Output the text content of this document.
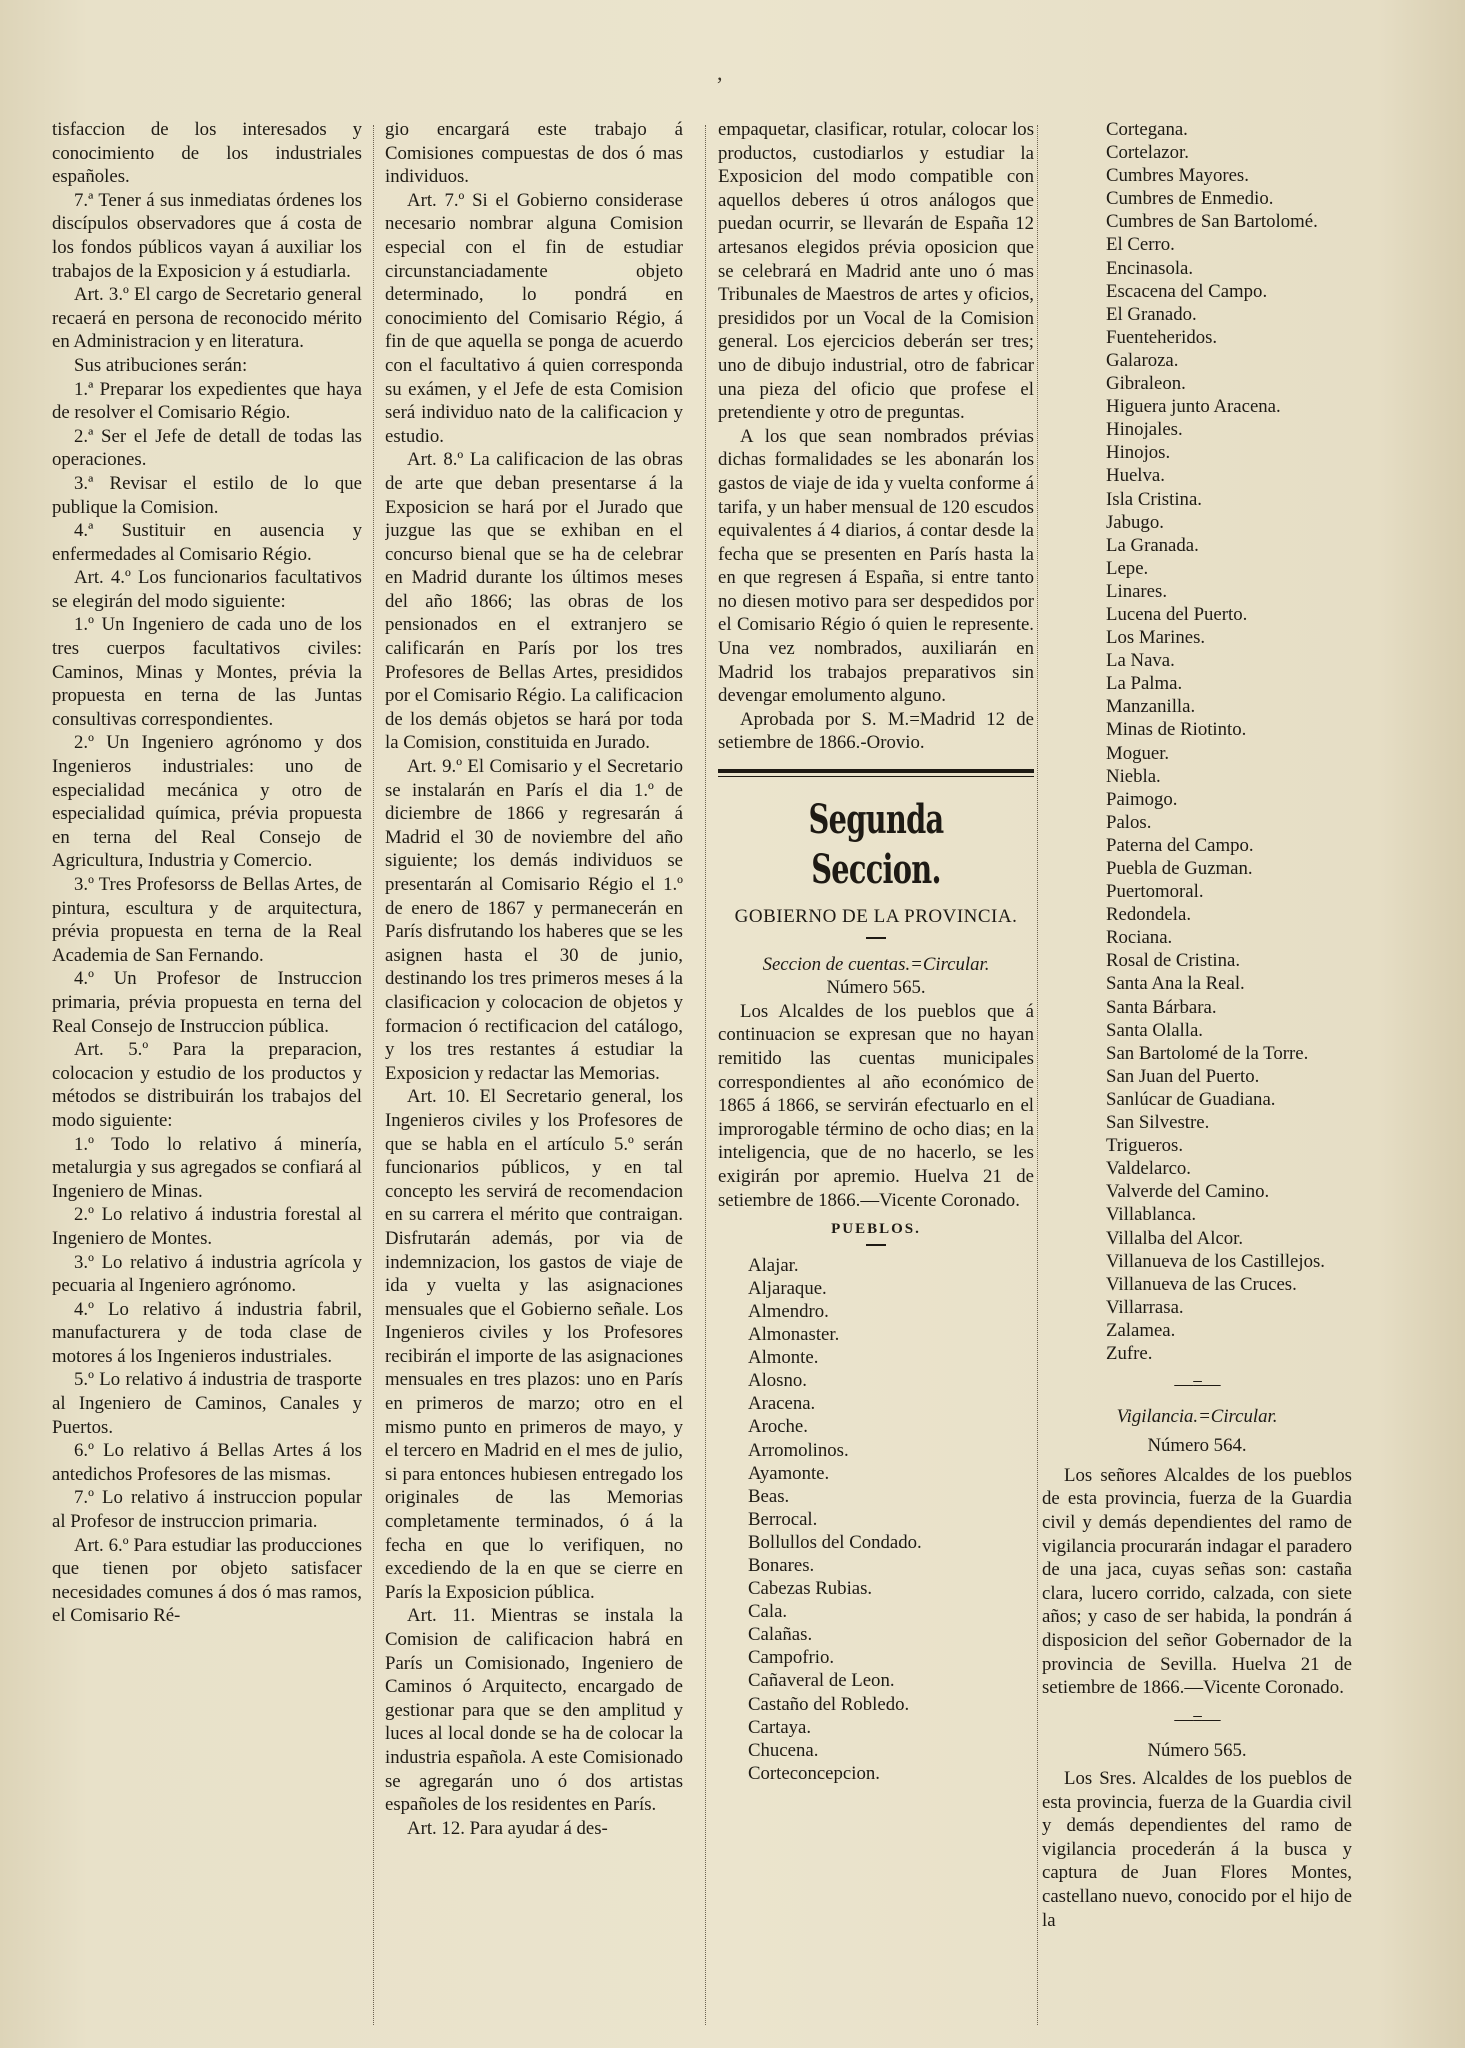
,

tisfaccion de los interesados y conocimiento de los industriales españoles.

7.ª Tener á sus inmediatas órdenes los discípulos observadores que á costa de los fondos públicos vayan á auxiliar los trabajos de la Exposicion y á estudiarla.

Art. 3.º El cargo de Secretario general recaerá en persona de reconocido mérito en Administracion y en literatura.

Sus atribuciones serán:

1.ª Preparar los expedientes que haya de resolver el Comisario Régio.

2.ª Ser el Jefe de detall de todas las operaciones.

3.ª Revisar el estilo de lo que publique la Comision.

4.ª Sustituir en ausencia y enfermedades al Comisario Régio.

Art. 4.º Los funcionarios facultativos se elegirán del modo siguiente:

1.º Un Ingeniero de cada uno de los tres cuerpos facultativos civiles: Caminos, Minas y Montes, prévia la propuesta en terna de las Juntas consultivas correspondientes.

2.º Un Ingeniero agrónomo y dos Ingenieros industriales: uno de especialidad mecánica y otro de especialidad química, prévia propuesta en terna del Real Consejo de Agricultura, Industria y Comercio.

3.º Tres Profesorss de Bellas Artes, de pintura, escultura y de arquitectura, prévia propuesta en terna de la Real Academia de San Fernando.

4.º Un Profesor de Instruccion primaria, prévia propuesta en terna del Real Consejo de Instruccion pública.

Art. 5.º Para la preparacion, colocacion y estudio de los productos y métodos se distribuirán los trabajos del modo siguiente:

1.º Todo lo relativo á minería, metalurgia y sus agregados se confiará al Ingeniero de Minas.

2.º Lo relativo á industria forestal al Ingeniero de Montes.

3.º Lo relativo á industria agrícola y pecuaria al Ingeniero agrónomo.

4.º Lo relativo á industria fabril, manufacturera y de toda clase de motores á los Ingenieros industriales.

5.º Lo relativo á industria de trasporte al Ingeniero de Caminos, Canales y Puertos.

6.º Lo relativo á Bellas Artes á los antedichos Profesores de las mismas.

7.º Lo relativo á instruccion popular al Profesor de instruccion primaria.

Art. 6.º Para estudiar las producciones que tienen por objeto satisfacer necesidades comunes á dos ó mas ramos, el Comisario Ré-

gio encargará este trabajo á Comisiones compuestas de dos ó mas individuos.

Art. 7.º Si el Gobierno considerase necesario nombrar alguna Comision especial con el fin de estudiar circunstanciadamente objeto determinado, lo pondrá en conocimiento del Comisario Régio, á fin de que aquella se ponga de acuerdo con el facultativo á quien corresponda su exámen, y el Jefe de esta Comision será individuo nato de la calificacion y estudio.

Art. 8.º La calificacion de las obras de arte que deban presentarse á la Exposicion se hará por el Jurado que juzgue las que se exhiban en el concurso bienal que se ha de celebrar en Madrid durante los últimos meses del año 1866; las obras de los pensionados en el extranjero se calificarán en París por los tres Profesores de Bellas Artes, presididos por el Comisario Régio. La calificacion de los demás objetos se hará por toda la Comision, constituida en Jurado.

Art. 9.º El Comisario y el Secretario se instalarán en París el dia 1.º de diciembre de 1866 y regresarán á Madrid el 30 de noviembre del año siguiente; los demás individuos se presentarán al Comisario Régio el 1.º de enero de 1867 y permanecerán en París disfrutando los haberes que se les asignen hasta el 30 de junio, destinando los tres primeros meses á la clasificacion y colocacion de objetos y formacion ó rectificacion del catálogo, y los tres restantes á estudiar la Exposicion y redactar las Memorias.

Art. 10. El Secretario general, los Ingenieros civiles y los Profesores de que se habla en el artículo 5.º serán funcionarios públicos, y en tal concepto les servirá de recomendacion en su carrera el mérito que contraigan. Disfrutarán además, por via de indemnizacion, los gastos de viaje de ida y vuelta y las asignaciones mensuales que el Gobierno señale. Los Ingenieros civiles y los Profesores recibirán el importe de las asignaciones mensuales en tres plazos: uno en París en primeros de marzo; otro en el mismo punto en primeros de mayo, y el tercero en Madrid en el mes de julio, si para entonces hubiesen entregado los originales de las Memorias completamente terminados, ó á la fecha en que lo verifiquen, no excediendo de la en que se cierre en París la Exposicion pública.

Art. 11. Mientras se instala la Comision de calificacion habrá en París un Comisionado, Ingeniero de Caminos ó Arquitecto, encargado de gestionar para que se den amplitud y luces al local donde se ha de colocar la industria española. A este Comisionado se agregarán uno ó dos artistas españoles de los residentes en París.

Art. 12. Para ayudar á des-

empaquetar, clasificar, rotular, colocar los productos, custodiarlos y estudiar la Exposicion del modo compatible con aquellos deberes ú otros análogos que puedan ocurrir, se llevarán de España 12 artesanos elegidos prévia oposicion que se celebrará en Madrid ante uno ó mas Tribunales de Maestros de artes y oficios, presididos por un Vocal de la Comision general. Los ejercicios deberán ser tres; uno de dibujo industrial, otro de fabricar una pieza del oficio que profese el pretendiente y otro de preguntas.

A los que sean nombrados prévias dichas formalidades se les abonarán los gastos de viaje de ida y vuelta conforme á tarifa, y un haber mensual de 120 escudos equivalentes á 4 diarios, á contar desde la fecha que se presenten en París hasta la en que regresen á España, si entre tanto no diesen motivo para ser despedidos por el Comisario Régio ó quien le represente. Una vez nombrados, auxiliarán en Madrid los trabajos preparativos sin devengar emolumento alguno.

Aprobada por S. M.=Madrid 12 de setiembre de 1866.-Orovio.

Segunda Seccion.

GOBIERNO DE LA PROVINCIA.

Seccion de cuentas.=Circular.

Número 565.

Los Alcaldes de los pueblos que á continuacion se expresan que no hayan remitido las cuentas municipales correspondientes al año económico de 1865 á 1866, se servirán efectuarlo en el improrogable término de ocho dias; en la inteligencia, que de no hacerlo, se les exigirán por apremio. Huelva 21 de setiembre de 1866.—Vicente Coronado.

PUEBLOS.

Alajar.
Aljaraque.
Almendro.
Almonaster.
Almonte.
Alosno.
Aracena.
Aroche.
Arromolinos.
Ayamonte.
Beas.
Berrocal.
Bollullos del Condado.
Bonares.
Cabezas Rubias.
Cala.
Calañas.
Campofrio.
Cañaveral de Leon.
Castaño del Robledo.
Cartaya.
Chucena.
Corteconcepcion.
Cortegana.
Cortelazor.
Cumbres Mayores.
Cumbres de Enmedio.
Cumbres de San Bartolomé.
El Cerro.
Encinasola.
Escacena del Campo.
El Granado.
Fuenteheridos.
Galaroza.
Gibraleon.
Higuera junto Aracena.
Hinojales.
Hinojos.
Huelva.
Isla Cristina.
Jabugo.
La Granada.
Lepe.
Linares.
Lucena del Puerto.
Los Marines.
La Nava.
La Palma.
Manzanilla.
Minas de Riotinto.
Moguer.
Niebla.
Paimogo.
Palos.
Paterna del Campo.
Puebla de Guzman.
Puertomoral.
Redondela.
Rociana.
Rosal de Cristina.
Santa Ana la Real.
Santa Bárbara.
Santa Olalla.
San Bartolomé de la Torre.
San Juan del Puerto.
Sanlúcar de Guadiana.
San Silvestre.
Trigueros.
Valdelarco.
Valverde del Camino.
Villablanca.
Villalba del Alcor.
Villanueva de los Castillejos.
Villanueva de las Cruces.
Villarrasa.
Zalamea.
Zufre.

—=—

Vigilancia.=Circular.

Número 564.

Los señores Alcaldes de los pueblos de esta provincia, fuerza de la Guardia civil y demás dependientes del ramo de vigilancia procurarán indagar el paradero de una jaca, cuyas señas son: castaña clara, lucero corrido, calzada, con siete años; y caso de ser habida, la pondrán á disposicion del señor Gobernador de la provincia de Sevilla. Huelva 21 de setiembre de 1866.—Vicente Coronado.

—=—

Número 565.

Los Sres. Alcaldes de los pueblos de esta provincia, fuerza de la Guardia civil y demás dependientes del ramo de vigilancia procederán á la busca y captura de Juan Flores Montes, castellano nuevo, conocido por el hijo de la
